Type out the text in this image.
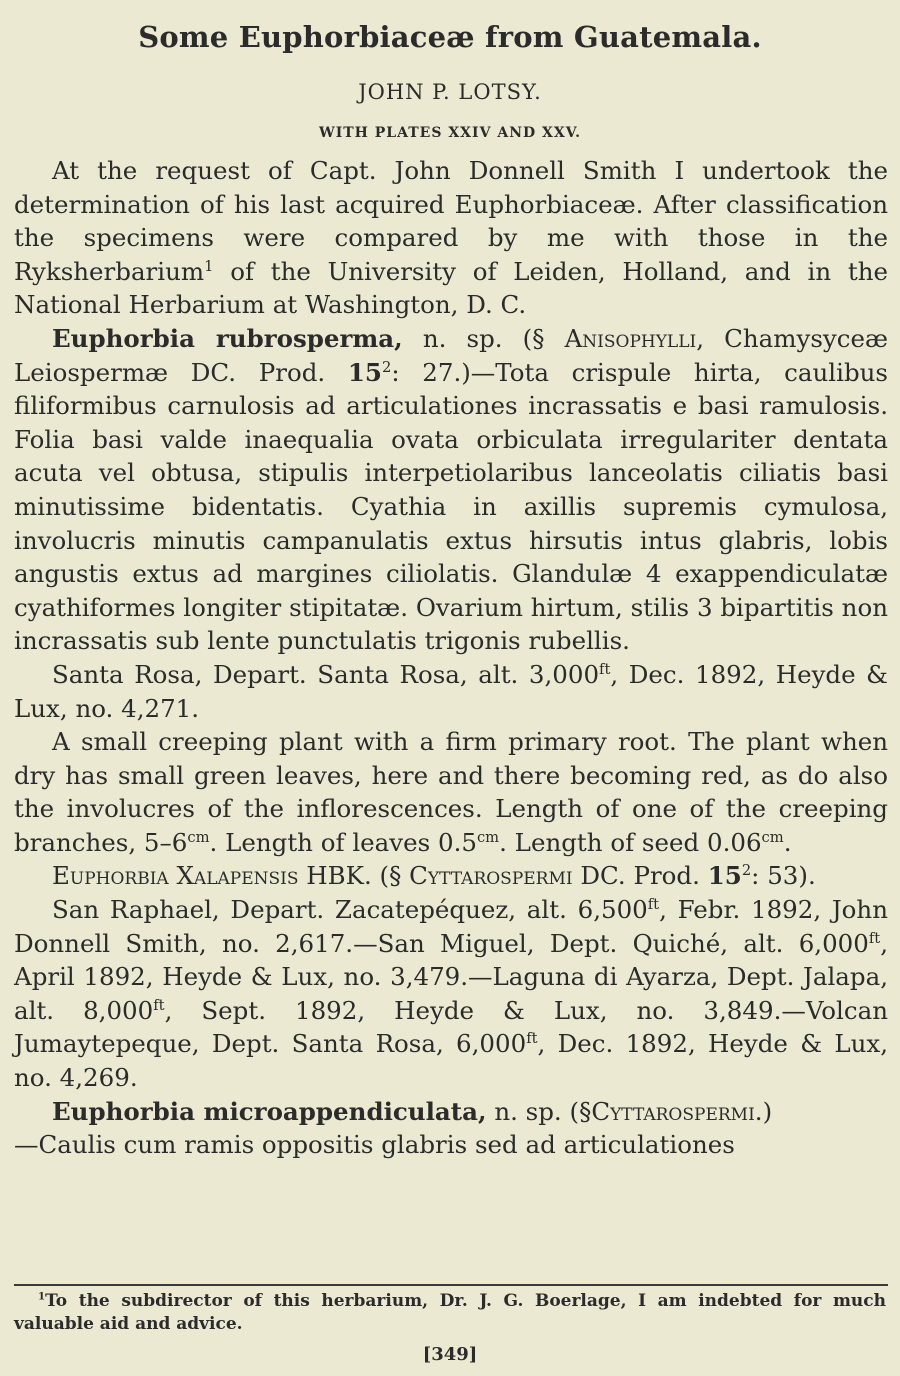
Some Euphorbiaceæ from Guatemala.
JOHN P. LOTSY.
WITH PLATES XXIV AND XXV.

At the request of Capt. John Donnell Smith I undertook the determination of his last acquired Euphorbiaceæ. After classification the specimens were compared by me with those in the Ryksherbarium$^1$ of the University of Leiden, Holland, and in the National Herbarium at Washington, D. C.

Euphorbia rubrosperma, n. sp. (§ Anisophylli, Chamysyceæ Leiospermæ DC. Prod. $15^2$: 27.)—Tota crispule hirta, caulibus filiformibus carnulosis ad articulationes incrassatis e basi ramulosis. Folia basi valde inaequalia ovata orbiculata irregulariter dentata acuta vel obtusa, stipulis interpetiolaribus lanceolatis ciliatis basi minutissime bidentatis. Cyathia in axillis supremis cymulosa, involucris minutis campanulatis extus hirsutis intus glabris, lobis angustis extus ad margines ciliolatis. Glandulæ 4 exappendiculatæ cyathiformes longiter stipitatæ. Ovarium hirtum, stilis 3 bipartitis non incrassatis sub lente punctulatis trigonis rubellis.

Santa Rosa, Depart. Santa Rosa, alt. $3,000^{ft}$, Dec. 1892, Heyde & Lux, no. 4,271.

A small creeping plant with a firm primary root. The plant when dry has small green leaves, here and there becoming red, as do also the involucres of the inflorescences. Length of one of the creeping branches, $5-6^{cm}$. Length of leaves $0.5^{cm}$. Length of seed $0.06^{cm}$.

Euphorbia Xalapensis HBK. (§ Cyttarospermi DC. Prod. $15^2$: 53).

San Raphael, Depart. Zacatepéquez, alt. $6,500^{ft}$, Febr. 1892, John Donnell Smith, no. 2,617.—San Miguel, Dept. Quiché, alt. $6,000^{ft}$, April 1892, Heyde & Lux, no. 3,479.—Laguna di Ayarza, Dept. Jalapa, alt. $8,000^{ft}$, Sept. 1892, Heyde & Lux, no. 3,849.—Volcan Jumaytepeque, Dept. Santa Rosa, $6,000^{ft}$, Dec. 1892, Heyde & Lux, no. 4,269.

Euphorbia microappendiculata, n. sp. (§Cyttarospermi.)
—Caulis cum ramis oppositis glabris sed ad articulationes

$^1$To the subdirector of this herbarium, Dr. J. G. Boerlage, I am indebted for much valuable aid and advice.

[349]
